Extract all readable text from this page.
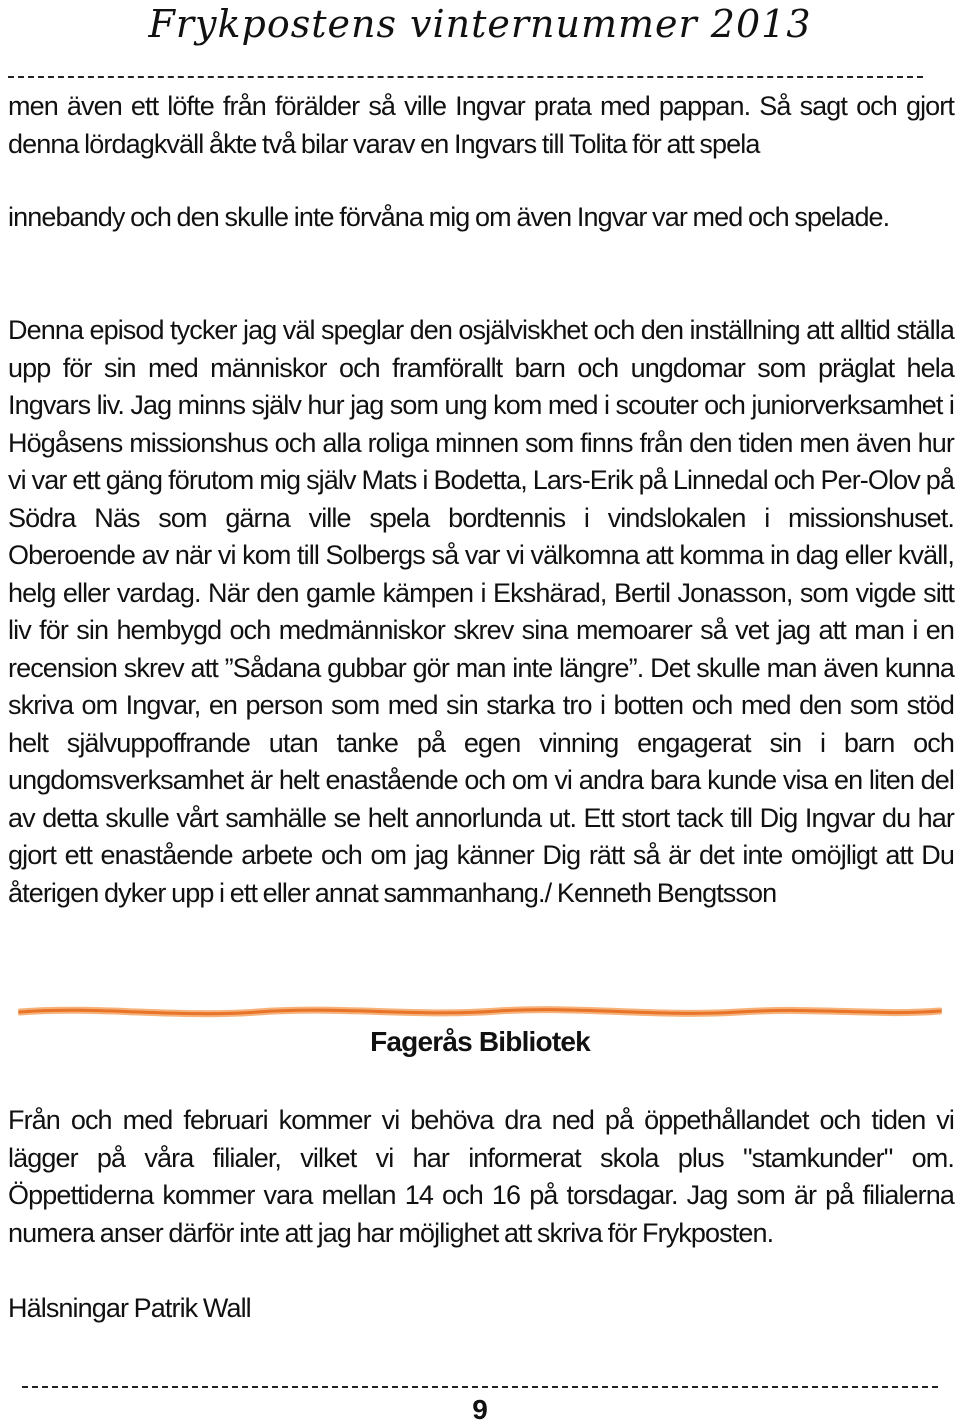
Frykpostens vinternummer 2013

men även ett löfte från förälder så ville Ingvar prata med pappan. Så sagt och gjort denna lördagkväll åkte två bilar varav en Ingvars till Tolita för att spela

innebandy och den skulle inte förvåna mig om även Ingvar var med och spelade.

Denna episod tycker jag väl speglar den osjälviskhet och den inställning att alltid ställa upp för sin med människor och framförallt barn och ungdomar som präglat hela Ingvars liv. Jag minns själv hur jag som ung kom med i scouter och juniorverksamhet i Högåsens missionshus och alla roliga minnen som finns från den tiden men även hur vi var ett gäng förutom mig själv Mats i Bodetta, Lars-Erik på Linnedal och Per-Olov på Södra Näs som gärna ville spela bordtennis i vindslokalen i missionshuset. Oberoende av när vi kom till Solbergs så var vi välkomna att komma in dag eller kväll, helg eller vardag. När den gamle kämpen i Ekshärad, Bertil Jonasson, som vigde sitt liv för sin hembygd och medmänniskor skrev sina memoarer så vet jag att man i en recension skrev att ”Sådana gubbar gör man inte längre”. Det skulle man även kunna skriva om Ingvar, en person som med sin starka tro i botten och med den som stöd helt självuppoffrande utan tanke på egen vinning engagerat sin i barn och ungdomsverksamhet är helt enastående och om vi andra bara kunde visa en liten del av detta skulle vårt samhälle se helt annorlunda ut. Ett stort tack till Dig Ingvar du har gjort ett enastående arbete och om jag känner Dig rätt så är det inte omöjligt att Du återigen dyker upp i ett eller annat sammanhang./ Kenneth Bengtsson

Fagerås Bibliotek

Från och med februari kommer vi behöva dra ned på öppethållandet och tiden vi lägger på våra filialer, vilket vi har informerat skola plus "stamkunder" om. Öppettiderna kommer vara mellan 14 och 16 på torsdagar. Jag som är på filialerna numera anser därför inte att jag har möjlighet att skriva för Frykposten.

Hälsningar Patrik Wall

9
